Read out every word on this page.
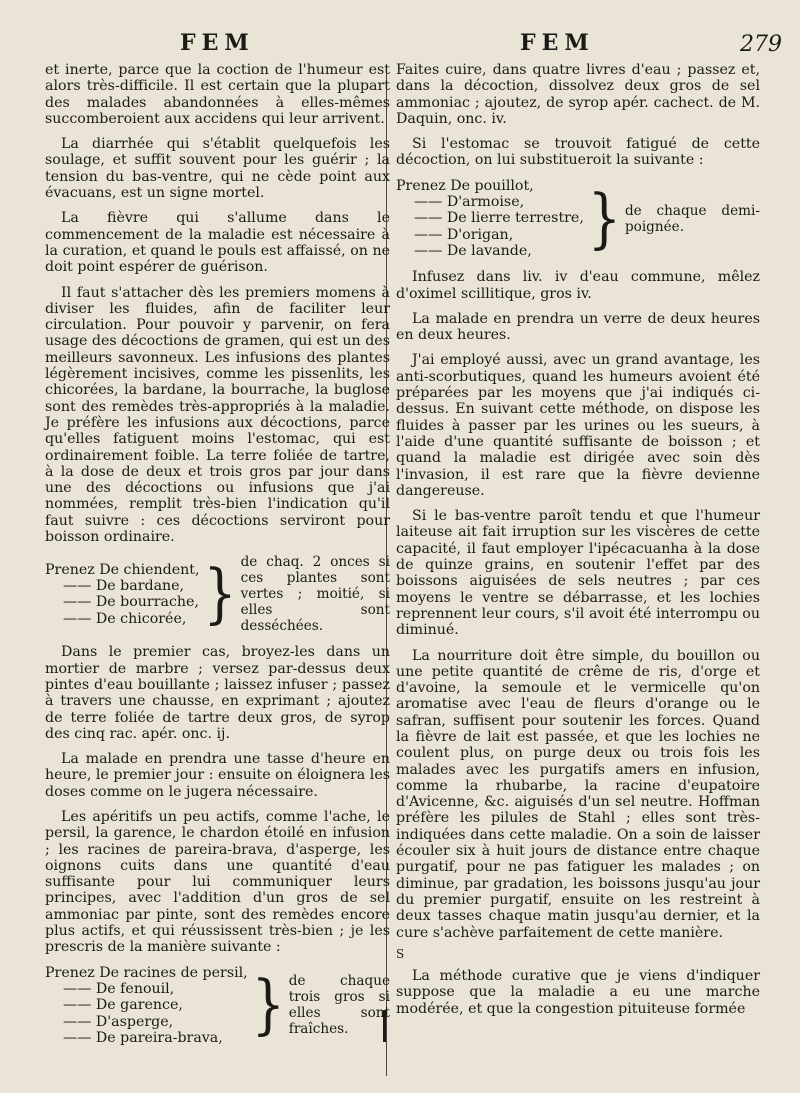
FEM	FEM	279

et inerte, parce que la coction de l'humeur est alors très-difficile. Il est certain que la plupart des malades abandonnées à elles-mêmes succomberoient aux accidens qui leur arrivent.

La diarrhée qui s'établit quelquefois les soulage, et suffit souvent pour les guérir ; la tension du bas-ventre, qui ne cède point aux évacuans, est un signe mortel.

La fièvre qui s'allume dans le commencement de la maladie est nécessaire à la curation, et quand le pouls est affaissé, on ne doit point espérer de guérison.

Il faut s'attacher dès les premiers momens à diviser les fluides, afin de faciliter leur circulation. Pour pouvoir y parvenir, on fera usage des décoctions de gramen, qui est un des meilleurs savonneux. Les infusions des plantes légèrement incisives, comme les pissenlits, les chicorées, la bardane, la bourrache, la buglose sont des remèdes très-appropriés à la maladie. Je préfère les infusions aux décoctions, parce qu'elles fatiguent moins l'estomac, qui est ordinairement foible. La terre foliée de tartre, à la dose de deux et trois gros par jour dans une des décoctions ou infusions que j'ai nommées, remplit très-bien l'indication qu'il faut suivre : ces décoctions serviront pour boisson ordinaire.

Prenez De chiendent,
—— De bardane,
—— De bourrache,
—— De chicorée, } de chaq. 2 onces si ces plantes sont vertes ; moitié, si elles sont desséchées.

Dans le premier cas, broyez-les dans un mortier de marbre ; versez par-dessus deux pintes d'eau bouillante ; laissez infuser ; passez à travers une chausse, en exprimant ; ajoutez de terre foliée de tartre deux gros, de syrop des cinq rac. apér. onc. ij.

La malade en prendra une tasse d'heure en heure, le premier jour : ensuite on éloignera les doses comme on le jugera nécessaire.

Les apéritifs un peu actifs, comme l'ache, le persil, la garence, le chardon étoilé en infusion ; les racines de pareira-brava, d'asperge, les oignons cuits dans une quantité d'eau suffisante pour lui communiquer leurs principes, avec l'addition d'un gros de sel ammoniac par pinte, sont des remèdes encore plus actifs, et qui réussissent très-bien ; je les prescris de la manière suivante :

Prenez De racines de persil,
—— De fenouil,
—— De garence,
—— D'asperge,
—— De pareira-brava, } de chaque trois gros si elles sont fraîches.

Faites cuire, dans quatre livres d'eau ; passez et, dans la décoction, dissolvez deux gros de sel ammoniac ; ajoutez, de syrop apér. cachect. de M. Daquin, onc. iv.

Si l'estomac se trouvoit fatigué de cette décoction, on lui substitueroit la suivante :

Prenez De pouillot,
—— D'armoise,
—— De lierre terrestre,
—— D'origan,
—— De lavande,	} de chaque demi-poignée.

Infusez dans liv. iv d'eau commune, mêlez d'oximel scillitique, gros iv.

La malade en prendra un verre de deux heures en deux heures.

J'ai employé aussi, avec un grand avantage, les anti-scorbutiques, quand les humeurs avoient été préparées par les moyens que j'ai indiqués ci-dessus. En suivant cette méthode, on dispose les fluides à passer par les urines ou les sueurs, à l'aide d'une quantité suffisante de boisson ; et quand la maladie est dirigée avec soin dès l'invasion, il est rare que la fièvre devienne dangereuse.

Si le bas-ventre paroît tendu et que l'humeur laiteuse ait fait irruption sur les viscères de cette capacité, il faut employer l'ipécacuanha à la dose de quinze grains, en soutenir l'effet par des boissons aiguisées de sels neutres ; par ces moyens le ventre se débarrasse, et les lochies reprennent leur cours, s'il avoit été interrompu ou diminué.

La nourriture doit être simple, du bouillon ou une petite quantité de crême de ris, d'orge et d'avoine, la semoule et le vermicelle qu'on aromatise avec l'eau de fleurs d'orange ou le safran, suffisent pour soutenir les forces. Quand la fièvre de lait est passée, et que les lochies ne coulent plus, on purge deux ou trois fois les malades avec les purgatifs amers en infusion, comme la rhubarbe, la racine d'eupatoire d'Avicenne, &c. aiguisés d'un sel neutre. Hoffman préfère les pilules de Stahl ; elles sont très-indiquées dans cette maladie. On a soin de laisser écouler six à huit jours de distance entre chaque purgatif, pour ne pas fatiguer les malades ; on diminue, par gradation, les boissons jusqu'au jour du premier purgatif, ensuite on les restreint à deux tasses chaque matin jusqu'au dernier, et la cure s'achève parfaitement de cette manière.

S

La méthode curative que je viens d'indiquer suppose que la maladie a eu une marche modérée, et que la congestion pituiteuse formée
